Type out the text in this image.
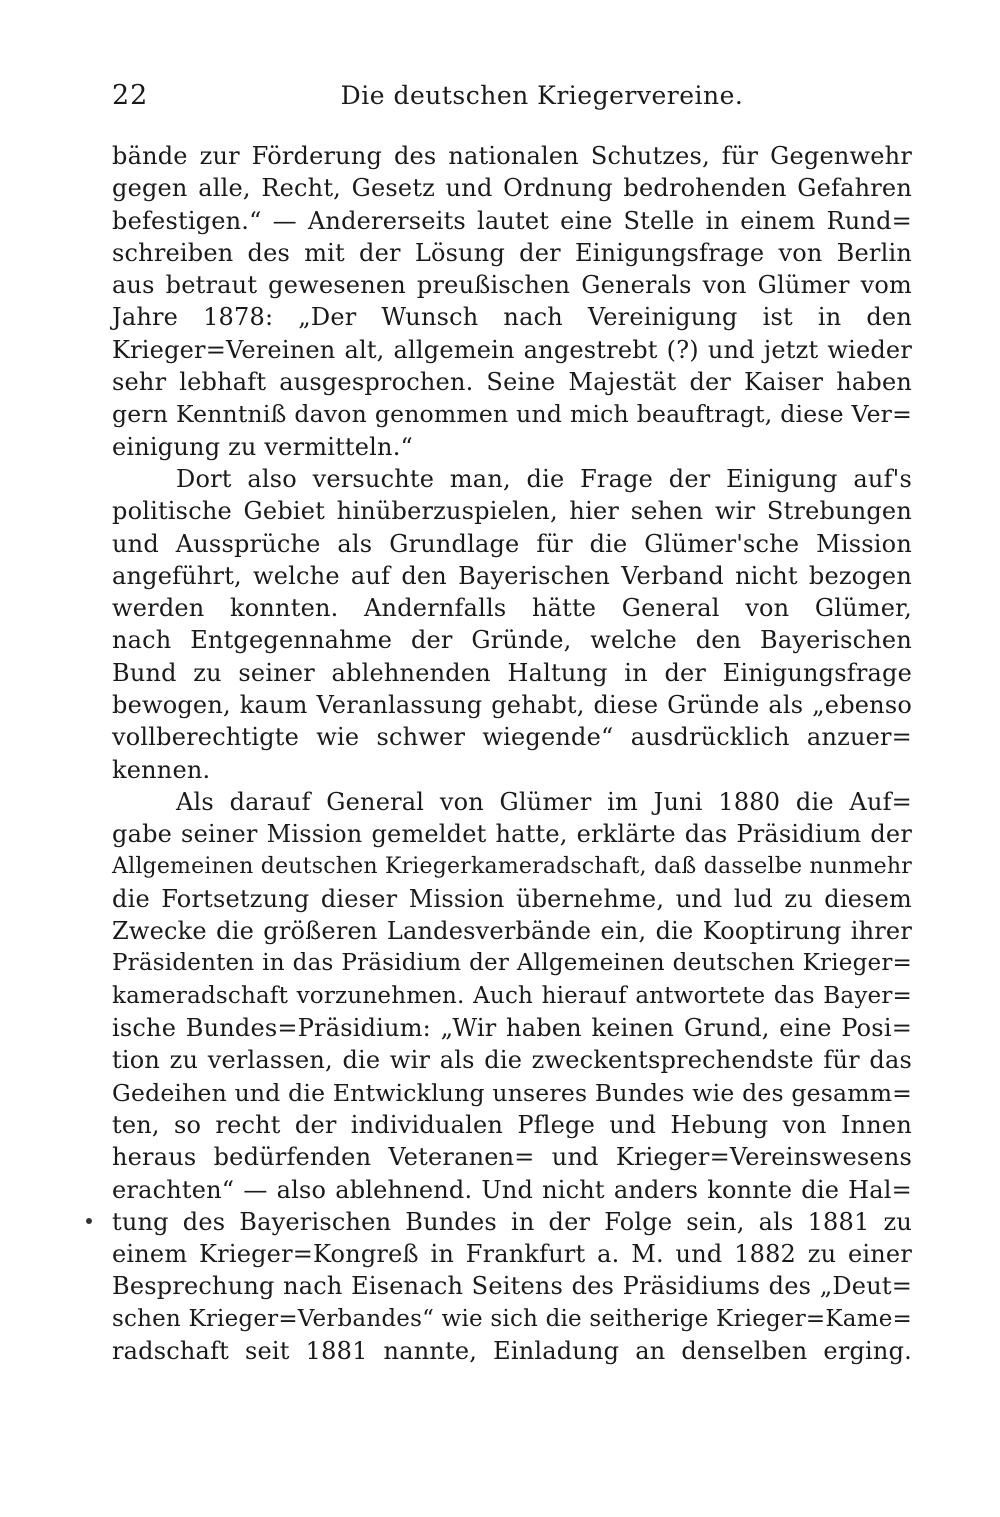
22	Die deutschen Kriegervereine.
bände zur Förderung des nationalen Schutzes, für Gegenwehr
gegen alle, Recht, Gesetz und Ordnung bedrohenden Gefahren
befestigen.“ — Andererseits lautet eine Stelle in einem Rund=
schreiben des mit der Lösung der Einigungsfrage von Berlin
aus betraut gewesenen preußischen Generals von Glümer vom
Jahre 1878: „Der Wunsch nach Vereinigung ist in den
Krieger=Vereinen alt, allgemein angestrebt (?) und jetzt wieder
sehr lebhaft ausgesprochen. Seine Majestät der Kaiser haben
gern Kenntniß davon genommen und mich beauftragt, diese Ver=
einigung zu vermitteln.“
Dort also versuchte man, die Frage der Einigung auf's
politische Gebiet hinüberzuspielen, hier sehen wir Strebungen
und Aussprüche als Grundlage für die Glümer'sche Mission
angeführt, welche auf den Bayerischen Verband nicht bezogen
werden konnten. Andernfalls hätte General von Glümer,
nach Entgegennahme der Gründe, welche den Bayerischen
Bund zu seiner ablehnenden Haltung in der Einigungsfrage
bewogen, kaum Veranlassung gehabt, diese Gründe als „ebenso
vollberechtigte wie schwer wiegende“ ausdrücklich anzuer=
kennen.
Als darauf General von Glümer im Juni 1880 die Auf=
gabe seiner Mission gemeldet hatte, erklärte das Präsidium der
Allgemeinen deutschen Kriegerkameradschaft, daß dasselbe nunmehr
die Fortsetzung dieser Mission übernehme, und lud zu diesem
Zwecke die größeren Landesverbände ein, die Kooptirung ihrer
Präsidenten in das Präsidium der Allgemeinen deutschen Krieger=
kameradschaft vorzunehmen. Auch hierauf antwortete das Bayer=
ische Bundes=Präsidium: „Wir haben keinen Grund, eine Posi=
tion zu verlassen, die wir als die zweckentsprechendste für das
Gedeihen und die Entwicklung unseres Bundes wie des gesamm=
ten, so recht der individualen Pflege und Hebung von Innen
heraus bedürfenden Veteranen= und Krieger=Vereinswesens
erachten“ — also ablehnend. Und nicht anders konnte die Hal=
tung des Bayerischen Bundes in der Folge sein, als 1881 zu
einem Krieger=Kongreß in Frankfurt a. M. und 1882 zu einer
Besprechung nach Eisenach Seitens des Präsidiums des „Deut=
schen Krieger=Verbandes“ wie sich die seitherige Krieger=Kame=
radschaft seit 1881 nannte, Einladung an denselben erging.
